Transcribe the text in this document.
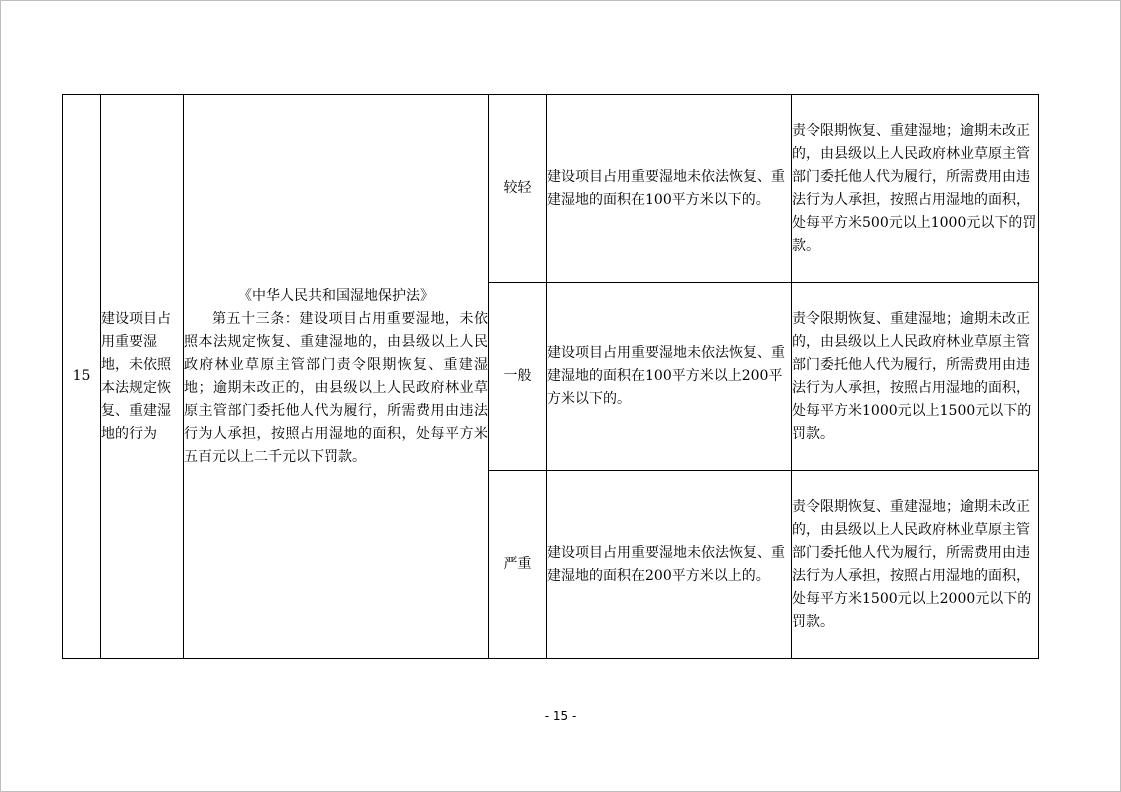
15	建设项目占用重要湿地，未依照本法规定恢复、重建湿地的行为	《中华人民共和国湿地保护法》
第五十三条：建设项目占用重要湿地，未依照本法规定恢复、重建湿地的，由县级以上人民政府林业草原主管部门责令限期恢复、重建湿地；逾期未改正的，由县级以上人民政府林业草原主管部门委托他人代为履行，所需费用由违法行为人承担，按照占用湿地的面积，处每平方米五百元以上二千元以下罚款。	较轻	建设项目占用重要湿地未依法恢复、重建湿地的面积在100平方米以下的。	责令限期恢复、重建湿地；逾期未改正的，由县级以上人民政府林业草原主管部门委托他人代为履行，所需费用由违法行为人承担，按照占用湿地的面积，处每平方米500元以上1000元以下的罚款。
			一般	建设项目占用重要湿地未依法恢复、重建湿地的面积在100平方米以上200平方米以下的。	责令限期恢复、重建湿地；逾期未改正的，由县级以上人民政府林业草原主管部门委托他人代为履行，所需费用由违法行为人承担，按照占用湿地的面积，处每平方米1000元以上1500元以下的罚款。
			严重	建设项目占用重要湿地未依法恢复、重建湿地的面积在200平方米以上的。	责令限期恢复、重建湿地；逾期未改正的，由县级以上人民政府林业草原主管部门委托他人代为履行，所需费用由违法行为人承担，按照占用湿地的面积，处每平方米1500元以上2000元以下的罚款。
- 15 -
